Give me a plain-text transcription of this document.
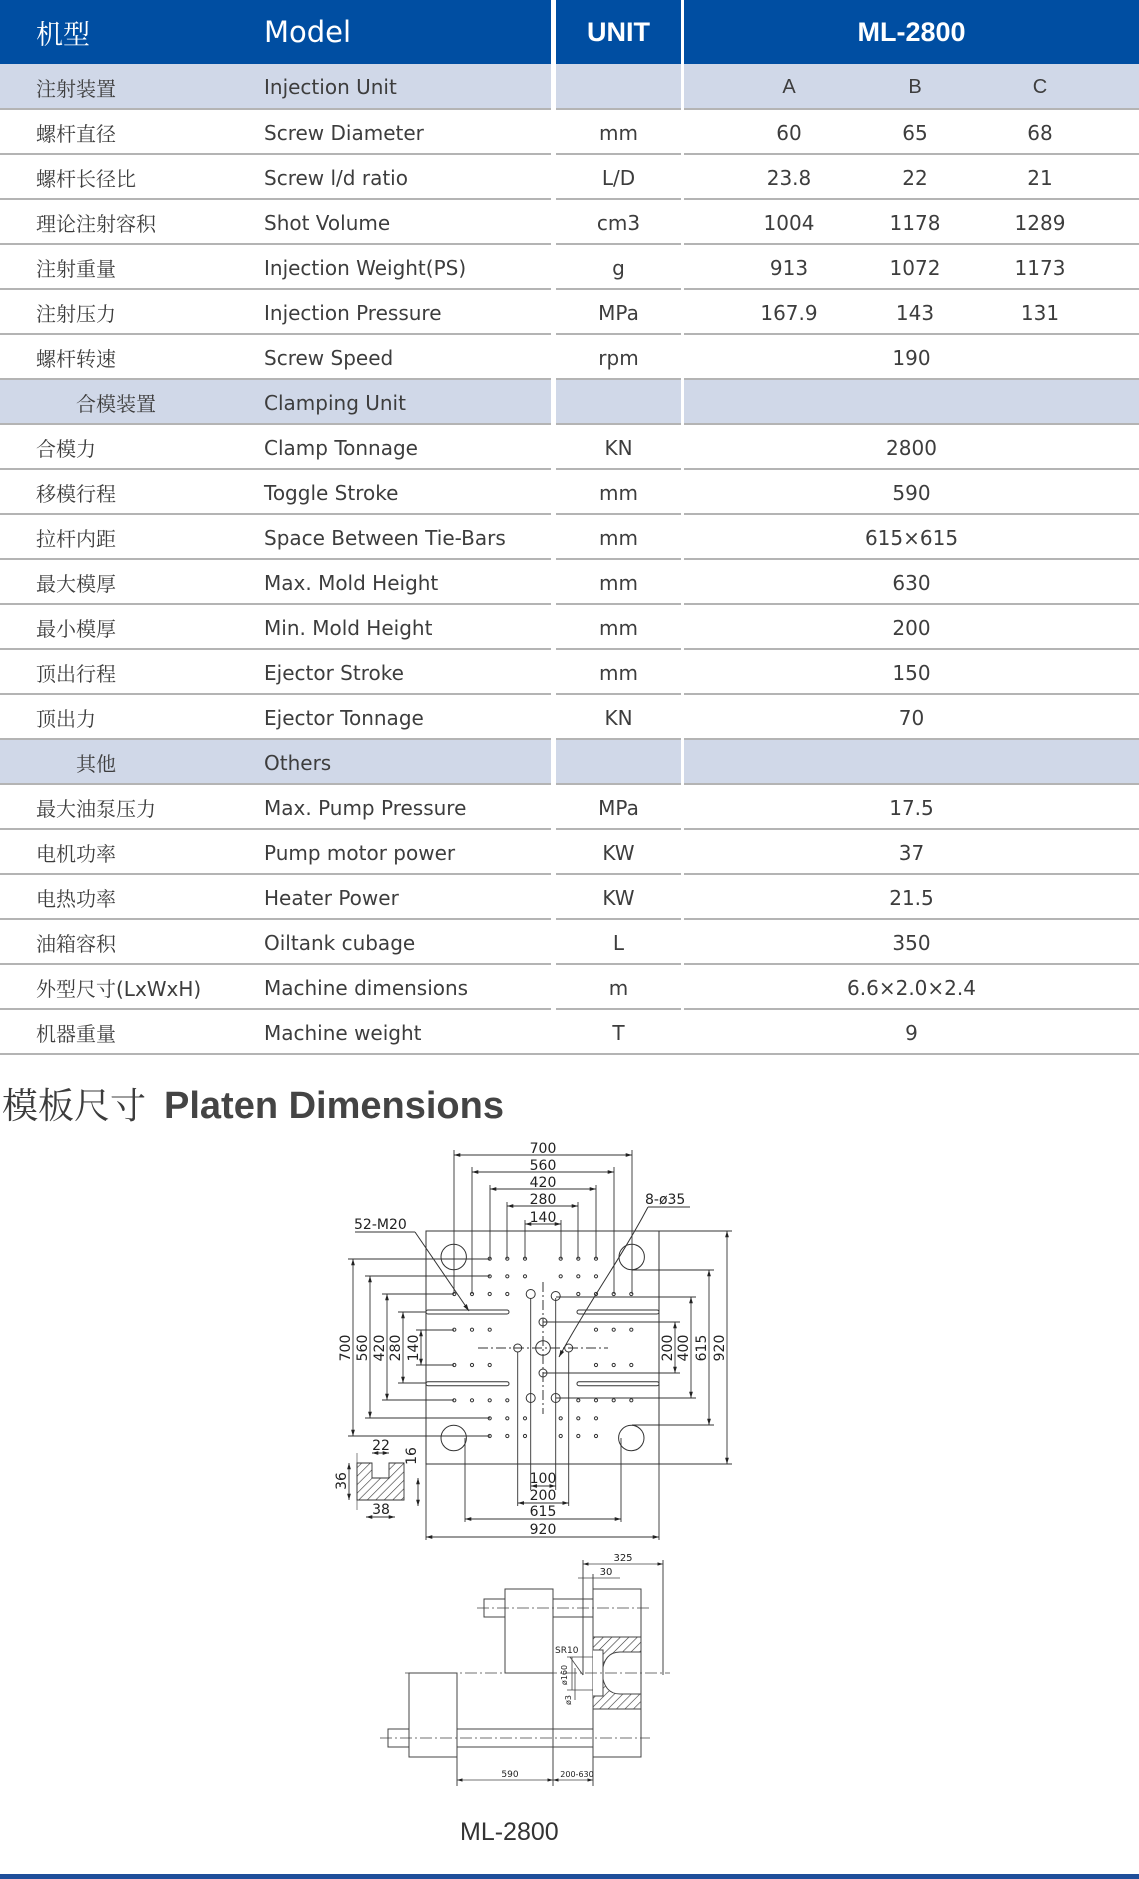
机型	Model	UNIT	ML-2800
注射装置	Injection Unit	A	B	C
螺杆直径	Screw Diameter	mm	60	65	68
螺杆长径比	Screw l/d ratio	L/D	23.8	22	21
理论注射容积	Shot Volume	cm3	1004	1178	1289
注射重量	Injection Weight(PS)	g	913	1072	1173
注射压力	Injection Pressure	MPa	167.9	143	131
螺杆转速	Screw Speed	rpm	190
合模装置	Clamping Unit
合模力	Clamp Tonnage	KN	2800
移模行程	Toggle Stroke	mm	590
拉杆内距	Space Between Tie-Bars	mm	615×615
最大模厚	Max. Mold Height	mm	630
最小模厚	Min. Mold Height	mm	200
顶出行程	Ejector Stroke	mm	150
顶出力	Ejector Tonnage	KN	70
其他	Others
最大油泵压力	Max. Pump Pressure	MPa	17.5
电机功率	Pump motor power	KW	37
电热功率	Heater Power	KW	21.5
油箱容积	Oiltank cubage	L	350
外型尺寸(LxWxH)	Machine dimensions	m	6.6×2.0×2.4
机器重量	Machine weight	T	9
模板尺寸 Platen Dimensions
700
560
420
280
140
52-M20
8-ø35
700 560 420 280 140	200 400 615 920
100
200
615
920
22
38
36
16
325
30
SR10
ø160
ø3
590	200-630
ML-2800
